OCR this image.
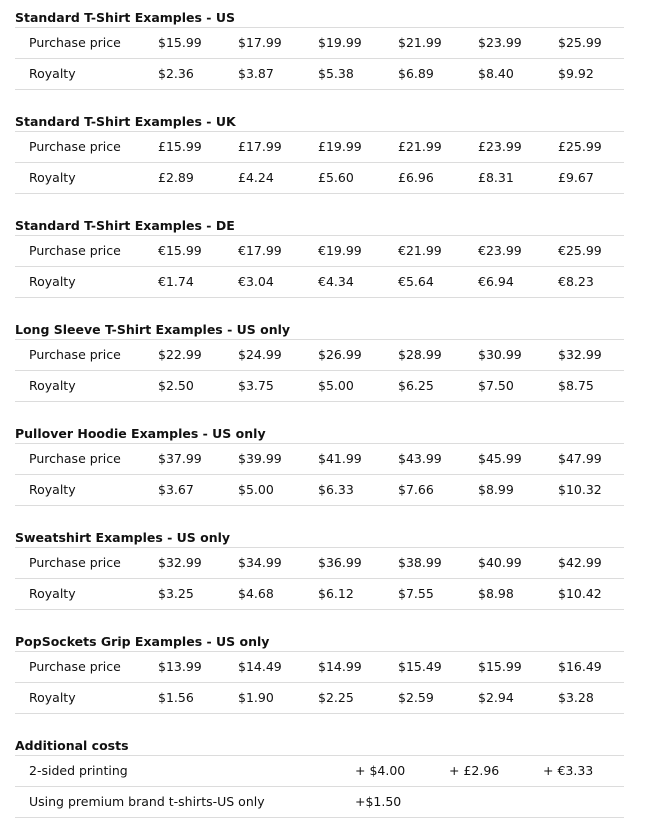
Standard T-Shirt Examples - US
Purchase price	$15.99	$17.99	$19.99	$21.99	$23.99	$25.99
Royalty	$2.36	$3.87	$5.38	$6.89	$8.40	$9.92
Standard T-Shirt Examples - UK
Purchase price	£15.99	£17.99	£19.99	£21.99	£23.99	£25.99
Royalty	£2.89	£4.24	£5.60	£6.96	£8.31	£9.67
Standard T-Shirt Examples - DE
Purchase price	€15.99	€17.99	€19.99	€21.99	€23.99	€25.99
Royalty	€1.74	€3.04	€4.34	€5.64	€6.94	€8.23
Long Sleeve T-Shirt Examples - US only
Purchase price	$22.99	$24.99	$26.99	$28.99	$30.99	$32.99
Royalty	$2.50	$3.75	$5.00	$6.25	$7.50	$8.75
Pullover Hoodie Examples - US only
Purchase price	$37.99	$39.99	$41.99	$43.99	$45.99	$47.99
Royalty	$3.67	$5.00	$6.33	$7.66	$8.99	$10.32
Sweatshirt Examples - US only
Purchase price	$32.99	$34.99	$36.99	$38.99	$40.99	$42.99
Royalty	$3.25	$4.68	$6.12	$7.55	$8.98	$10.42
PopSockets Grip Examples - US only
Purchase price	$13.99	$14.49	$14.99	$15.49	$15.99	$16.49
Royalty	$1.56	$1.90	$2.25	$2.59	$2.94	$3.28
Additional costs
2-sided printing	+ $4.00	+ £2.96	+ €3.33
Using premium brand t-shirts-US only	+$1.50
